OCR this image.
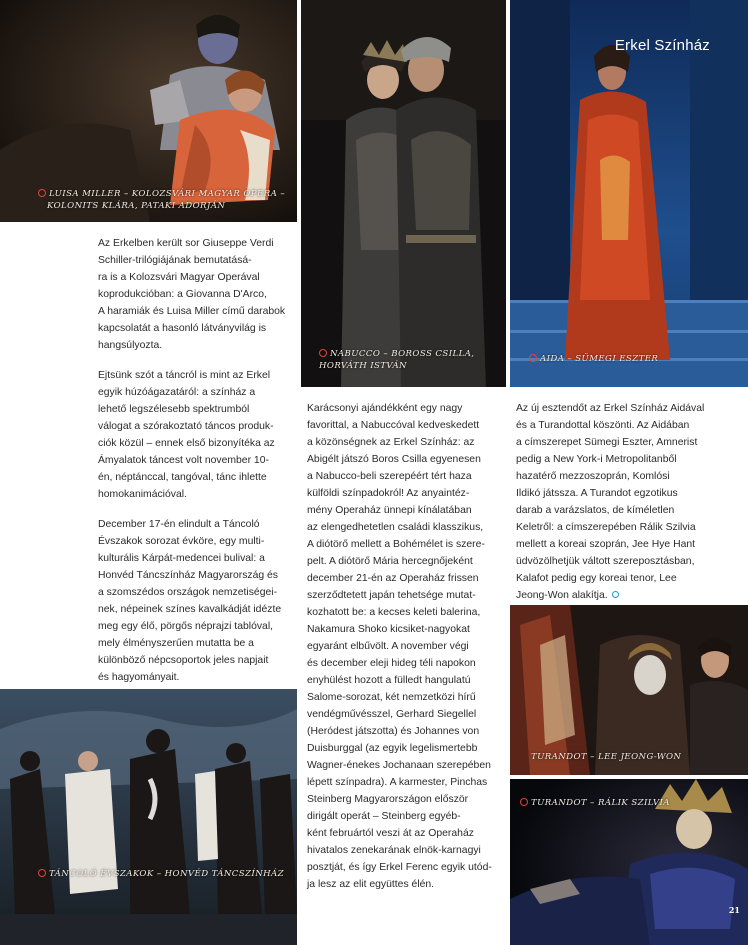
LUISA MILLER – KOLOZSVÁRI MAGYAR OPERA –
KOLONITS KLÁRA, PATAKI ADORJÁN
NABUCCO – BOROSS CSILLA,
HORVÁTH ISTVÁN
Erkel Színház
AIDA – SÜMEGI ESZTER
TÁNCOLÓ ÉVSZAKOK – HONVÉD TÁNCSZÍNHÁZ
TURANDOT – LEE JEONG-WON
TURANDOT – RÁLIK SZILVIA
21

Az Erkelben került sor Giuseppe Verdi
Schiller-trilógiájának bemutatásá-
ra is a Kolozsvári Magyar Operával
koprodukcióban: a Giovanna D'Arco,
A haramiák és Luisa Miller című darabok
kapcsolatát a hasonló látványvilág is
hangsúlyozta.

Ejtsünk szót a táncról is mint az Erkel
egyik húzóágazatáról: a színház a
lehető legszélesebb spektrumból
válogat a szórakoztató táncos produk-
ciók közül – ennek első bizonyítéka az
Ámyalatok táncest volt november 10-
én, néptánccal, tangóval, tánc ihlette
homokanimációval.

December 17-én elindult a Táncoló
Évszakok sorozat évköre, egy multi-
kulturális Kárpát-medencei bulival: a
Honvéd Táncszínház Magyarország és
a szomszédos országok nemzetiségei-
nek, népeinek színes kavalkádját idézte
meg egy élő, pörgős néprajzi tablóval,
mely élményszerűen mutatta be a
különböző népcsoportok jeles napjait
és hagyományait.

Karácsonyi ajándékként egy nagy
favorittal, a Nabuccóval kedveskedett
a közönségnek az Erkel Színház: az
Abigélt játszó Boros Csilla egyenesen
a Nabucco-beli szerepéért tért haza
külföldi színpadokról! Az anyaintéz-
mény Operaház ünnepi kínálatában
az elengedhetetlen családi klasszikus,
A diótörő mellett a Bohémélet is szere-
pelt. A diótörő Mária hercegnőjeként
december 21-én az Operaház frissen
szerződtetett japán tehetsége mutat-
kozhatott be: a kecses keleti balerina,
Nakamura Shoko kicsiket-nagyokat
egyaránt elbűvölt. A november végi
és december eleji hideg téli napokon
enyhülést hozott a fülledt hangulatú
Salome-sorozat, két nemzetközi hírű
vendégművésszel, Gerhard Siegellel
(Heródest játszotta) és Johannes von
Duisburggal (az egyik legelismertebb
Wagner-énekes Jochanaan szerepében
lépett színpadra). A karmester, Pinchas
Steinberg Magyarországon először
dirigált operát – Steinberg egyéb-
ként februártól veszi át az Operaház
hivatalos zenekarának elnök-karnagyi
posztját, és így Erkel Ferenc egyik utód-
ja lesz az elit együttes élén.

Az új esztendőt az Erkel Színház Aidával
és a Turandottal köszönti. Az Aidában
a címszerepet Sümegi Eszter, Amnerist
pedig a New York-i Metropolitanből
hazatérő mezzoszoprán, Komlósi
Ildikó játssza. A Turandot egzotikus
darab a varázslatos, de kíméletlen
Keletről: a címszerepében Rálik Szilvia
mellett a koreai szoprán, Jee Hye Hant
üdvözölhetjük váltott szereposztásban,
Kalafot pedig egy koreai tenor, Lee
Jeong-Won alakítja.
